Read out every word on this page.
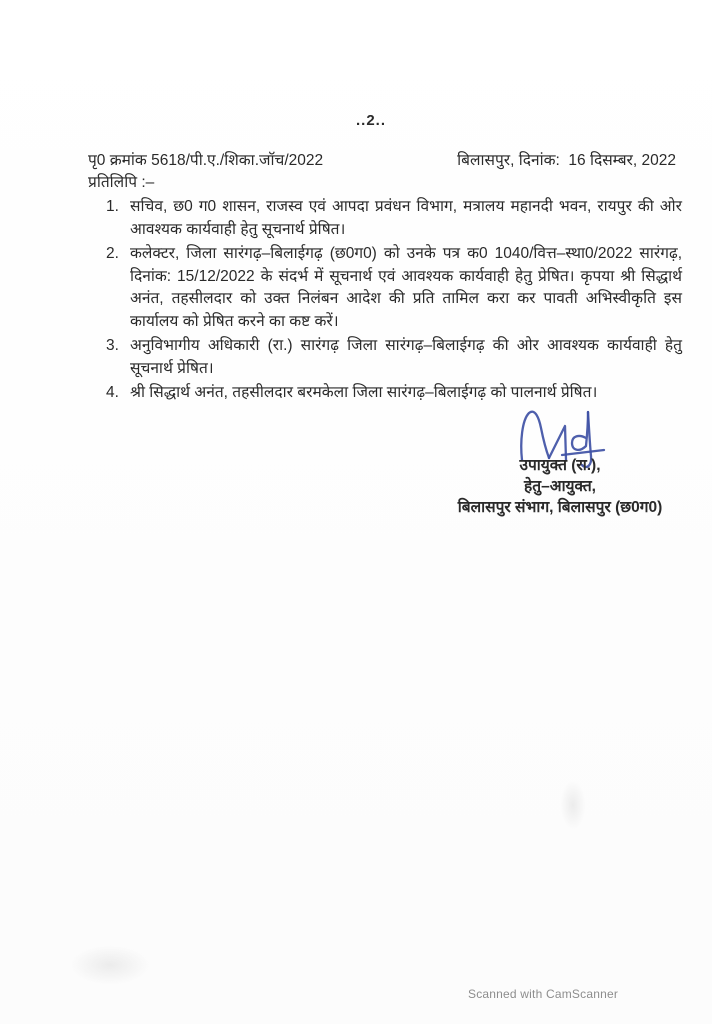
..2..
पृ0 क्रमांक 5618/पी.ए./शिका.जॉच/2022	बिलासपुर, दिनांक:  16 दिसम्बर, 2022
प्रतिलिपि :–
1. सचिव, छ0 ग0 शासन, राजस्व एवं आपदा प्रवंधन विभाग, मत्रालय महानदी भवन, रायपुर की ओर आवश्यक कार्यवाही हेतु सूचनार्थ प्रेषित।
2. कलेक्टर, जिला सारंगढ़–बिलाईगढ़ (छ0ग0) को उनके पत्र क0 1040/वित्त–स्था0/2022 सारंगढ़, दिनांक: 15/12/2022 के संदर्भ में सूचनार्थ एवं आवश्यक कार्यवाही हेतु प्रेषित। कृपया श्री सिद्धार्थ अनंत, तहसीलदार को उक्त निलंबन आदेश की प्रति तामिल करा कर पावती अभिस्वीकृति इस कार्यालय को प्रेषित करने का कष्ट करें।
3. अनुविभागीय अधिकारी (रा.) सारंगढ़ जिला सारंगढ़–बिलाईगढ़ की ओर आवश्यक कार्यवाही हेतु सूचनार्थ प्रेषित।
4. श्री सिद्धार्थ अनंत, तहसीलदार बरमकेला जिला सारंगढ़–बिलाईगढ़ को पालनार्थ प्रेषित।
उपायुक्त (रा.),
हेतु–आयुक्त,
बिलासपुर संभाग, बिलासपुर (छ0ग0)
Scanned with CamScanner
